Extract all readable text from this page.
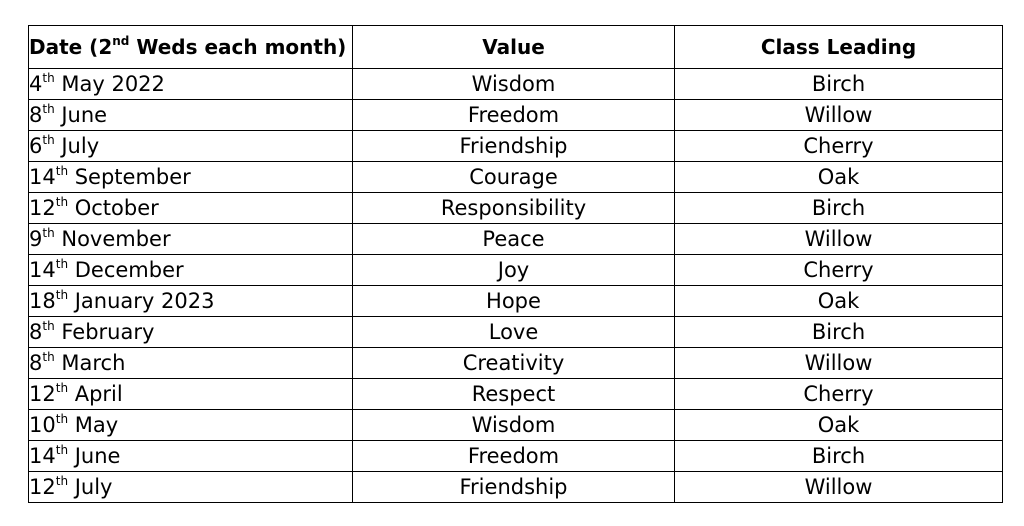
Date (2nd Weds each month)	Value	Class Leading
4th May 2022	Wisdom	Birch
8th June	Freedom	Willow
6th July	Friendship	Cherry
14th September	Courage	Oak
12th October	Responsibility	Birch
9th November	Peace	Willow
14th December	Joy	Cherry
18th January 2023	Hope	Oak
8th February	Love	Birch
8th March	Creativity	Willow
12th April	Respect	Cherry
10th May	Wisdom	Oak
14th June	Freedom	Birch
12th July	Friendship	Willow
